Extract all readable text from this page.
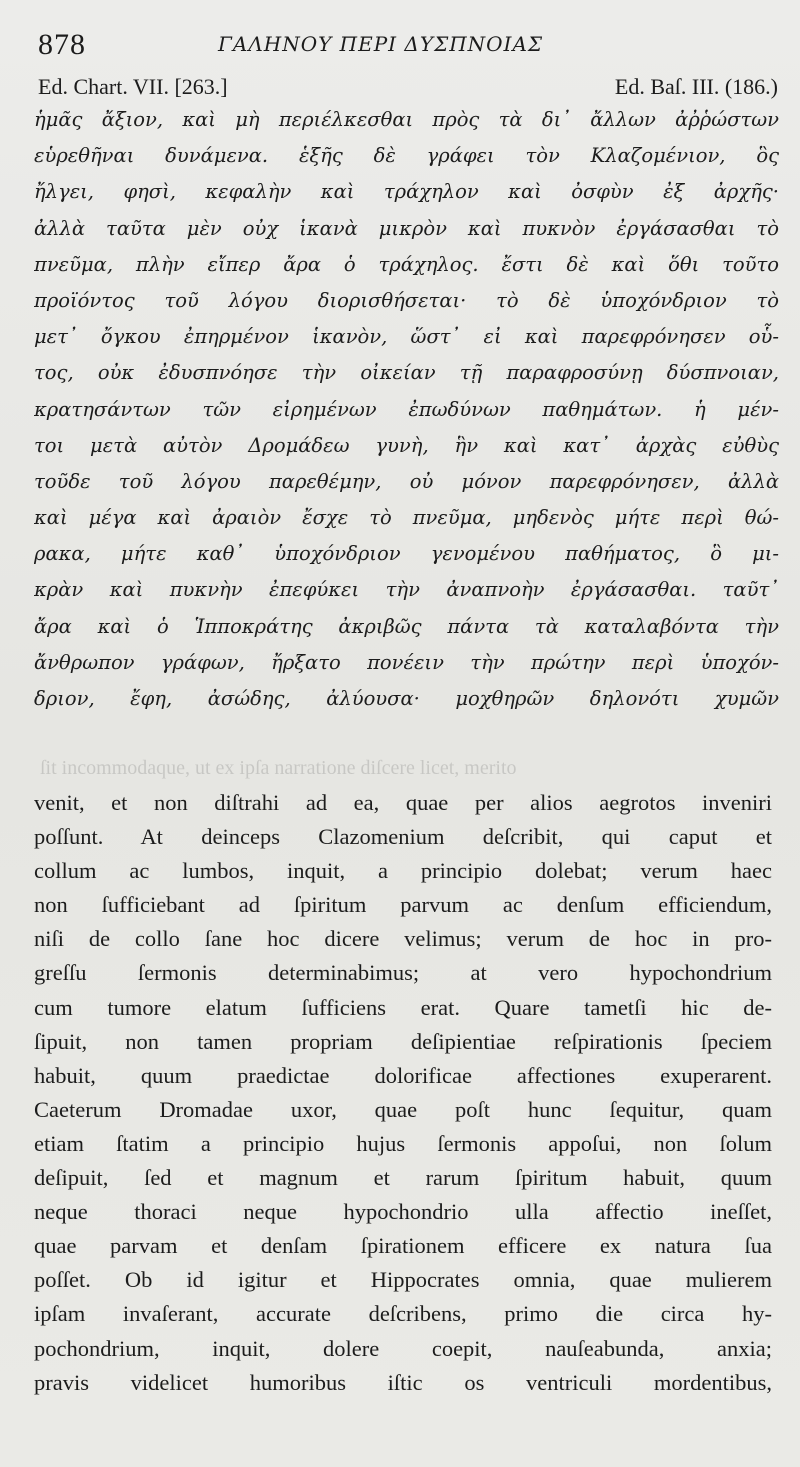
878	ΓΑΛΗΝΟΥ ΠΕΡΙ ΔΥΣΠΝΟΙΑΣ
Ed. Chart. VII. [263.]	Ed. Baſ. III. (186.)
ἡμᾶς ἄξιον, καὶ μὴ περιέλκεσθαι πρὸς τὰ δι᾽ ἄλλων ἀῤῥώστων
εὑρεθῆναι δυνάμενα. ἑξῆς δὲ γράφει τὸν Κλαζομένιον, ὃς
ἤλγει, φησὶ, κεφαλὴν καὶ τράχηλον καὶ ὀσφὺν ἐξ ἀρχῆς·
ἀλλὰ ταῦτα μὲν οὐχ ἱκανὰ μικρὸν καὶ πυκνὸν ἐργάσασθαι τὸ
πνεῦμα, πλὴν εἴπερ ἄρα ὁ τράχηλος. ἔστι δὲ καὶ ὅθι τοῦτο
προϊόντος τοῦ λόγου διορισθήσεται· τὸ δὲ ὑποχόνδριον τὸ
μετ᾽ ὄγκου ἐπηρμένον ἱκανὸν, ὥστ᾽ εἰ καὶ παρεφρόνησεν οὗ-
τος, οὐκ ἐδυσπνόησε τὴν οἰκείαν τῇ παραφροσύνῃ δύσπνοιαν,
κρατησάντων τῶν εἰρημένων ἐπωδύνων παθημάτων. ἡ μέν-
τοι μετὰ αὐτὸν Δρομάδεω γυνὴ, ἣν καὶ κατ᾽ ἀρχὰς εὐθὺς
τοῦδε τοῦ λόγου παρεθέμην, οὐ μόνον παρεφρόνησεν, ἀλλὰ
καὶ μέγα καὶ ἀραιὸν ἔσχε τὸ πνεῦμα, μηδενὸς μήτε περὶ θώ-
ρακα, μήτε καθ᾽ ὑποχόνδριον γενομένου παθήματος, ὃ μι-
κρὰν καὶ πυκνὴν ἐπεφύκει τὴν ἀναπνοὴν ἐργάσασθαι. ταῦτ᾽
ἄρα καὶ ὁ Ἱπποκράτης ἀκριβῶς πάντα τὰ καταλαβόντα τὴν
ἄνθρωπον γράφων, ἤρξατο πονέειν τὴν πρώτην περὶ ὑποχόν-
δριον, ἔφη, ἀσώδης, ἀλύουσα· μοχθηρῶν δηλονότι χυμῶν
ſit incommodaque, ut ex ipſa narratione diſcere licet, merito
venit, et non diſtrahi ad ea, quae per alios aegrotos inveniri
poſſunt. At deinceps Clazomenium deſcribit, qui caput et
collum ac lumbos, inquit, a principio dolebat; verum haec
non ſufficiebant ad ſpiritum parvum ac denſum efficiendum,
niſi de collo ſane hoc dicere velimus; verum de hoc in pro-
greſſu ſermonis determinabimus; at vero hypochondrium
cum tumore elatum ſufficiens erat. Quare tametſi hic de-
ſipuit, non tamen propriam deſipientiae reſpirationis ſpeciem
habuit, quum praedictae dolorificae affectiones exuperarent.
Caeterum Dromadae uxor, quae poſt hunc ſequitur, quam
etiam ſtatim a principio hujus ſermonis appoſui, non ſolum
deſipuit, ſed et magnum et rarum ſpiritum habuit, quum
neque thoraci neque hypochondrio ulla affectio ineſſet,
quae parvam et denſam ſpirationem efficere ex natura ſua
poſſet. Ob id igitur et Hippocrates omnia, quae mulierem
ipſam invaſerant, accurate deſcribens, primo die circa hy-
pochondrium, inquit, dolere coepit, nauſeabunda, anxia;
pravis videlicet humoribus iſtic os ventriculi mordentibus,
